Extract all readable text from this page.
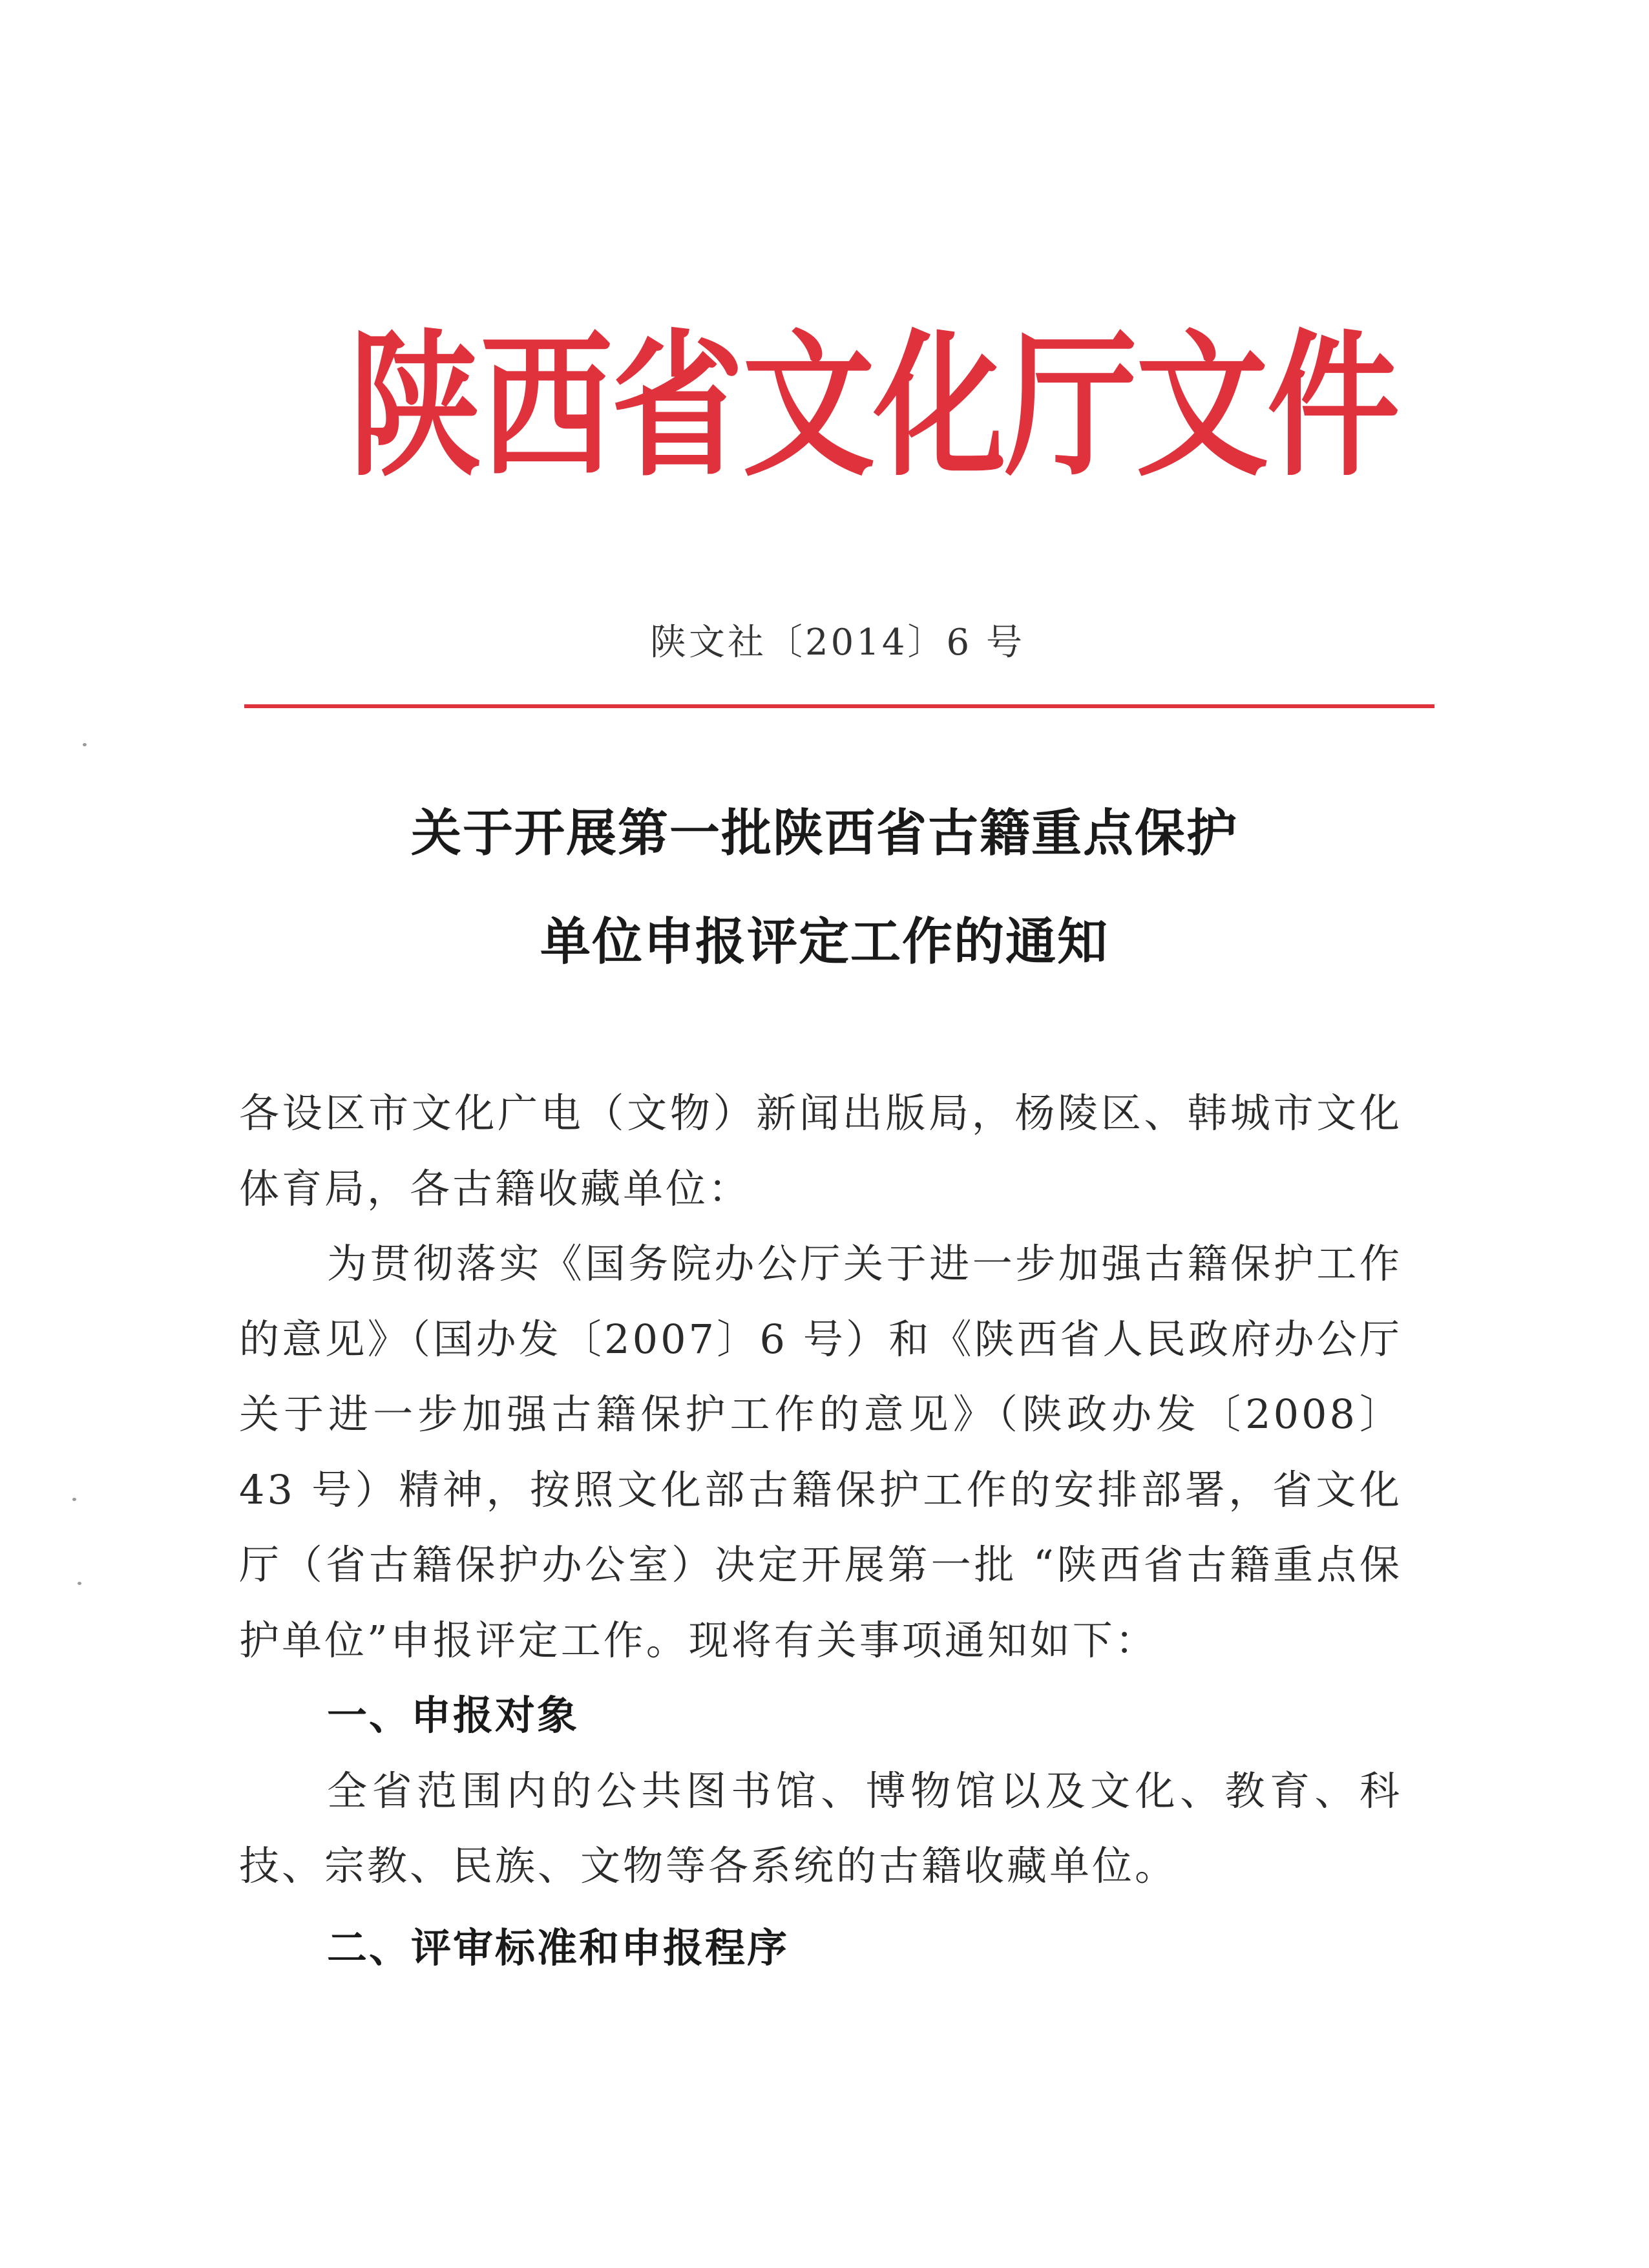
陕西省文化厅文件
陕文社〔2014〕6 号
关于开展第一批陕西省古籍重点保护
单位申报评定工作的通知

各设区市文化广电（文物）新闻出版局，杨陵区、韩城市文化体育局，各古籍收藏单位：

为贯彻落实《国务院办公厅关于进一步加强古籍保护工作的意见》（国办发〔2007〕6 号）和《陕西省人民政府办公厅关于进一步加强古籍保护工作的意见》（陕政办发〔2008〕43 号）精神，按照文化部古籍保护工作的安排部署，省文化厅（省古籍保护办公室）决定开展第一批 “陕西省古籍重点保护单位”申报评定工作。现将有关事项通知如下：

一、申报对象

全省范围内的公共图书馆、博物馆以及文化、教育、科技、宗教、民族、文物等各系统的古籍收藏单位。

二、评审标准和申报程序
